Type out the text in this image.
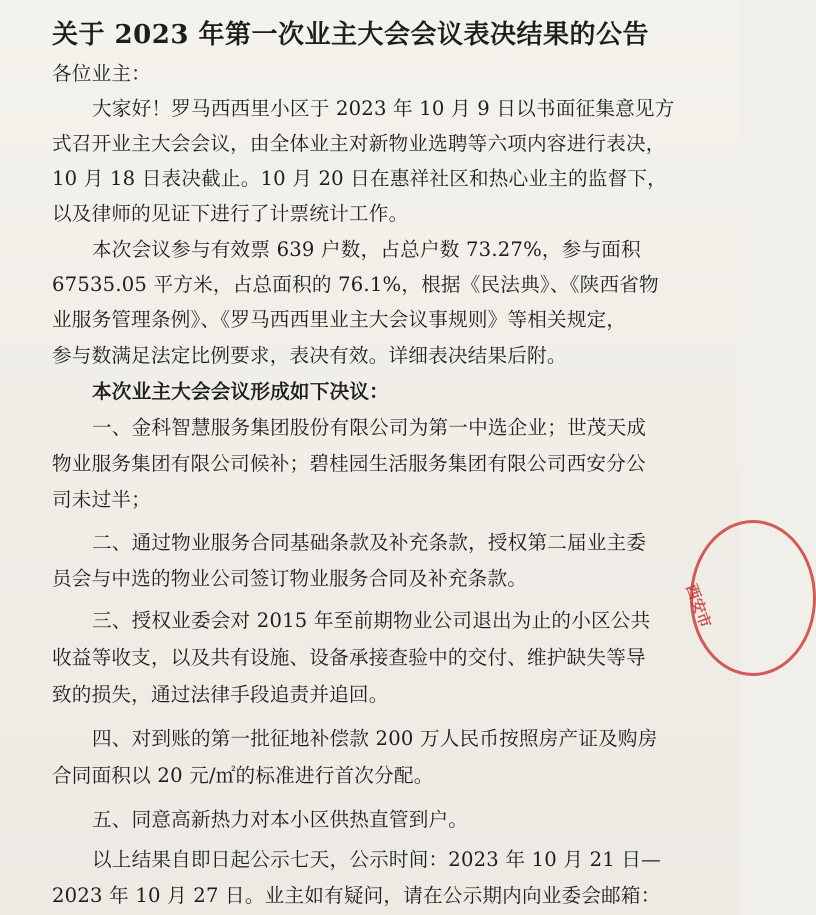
关于 2023 年第一次业主大会会议表决结果的公告
各位业主：
大家好！罗马西西里小区于 2023 年 10 月 9 日以书面征集意见方
式召开业主大会会议，由全体业主对新物业选聘等六项内容进行表决，
10 月 18 日表决截止。10 月 20 日在惠祥社区和热心业主的监督下，
以及律师的见证下进行了计票统计工作。
本次会议参与有效票 639 户数，占总户数 73.27%，参与面积
67535.05 平方米，占总面积的 76.1%，根据《民法典》、《陕西省物
业服务管理条例》、《罗马西西里业主大会议事规则》等相关规定，
参与数满足法定比例要求，表决有效。详细表决结果后附。
本次业主大会会议形成如下决议：
一、金科智慧服务集团股份有限公司为第一中选企业；世茂天成
物业服务集团有限公司候补；碧桂园生活服务集团有限公司西安分公
司未过半；
二、通过物业服务合同基础条款及补充条款，授权第二届业主委
员会与中选的物业公司签订物业服务合同及补充条款。
三、授权业委会对 2015 年至前期物业公司退出为止的小区公共
收益等收支，以及共有设施、设备承接查验中的交付、维护缺失等导
致的损失，通过法律手段追责并追回。
四、对到账的第一批征地补偿款 200 万人民币按照房产证及购房
合同面积以 20 元/㎡的标准进行首次分配。
五、同意高新热力对本小区供热直管到户。
以上结果自即日起公示七天，公示时间：2023 年 10 月 21 日—
2023 年 10 月 27 日。业主如有疑问，请在公示期内向业委会邮箱：
西安市
